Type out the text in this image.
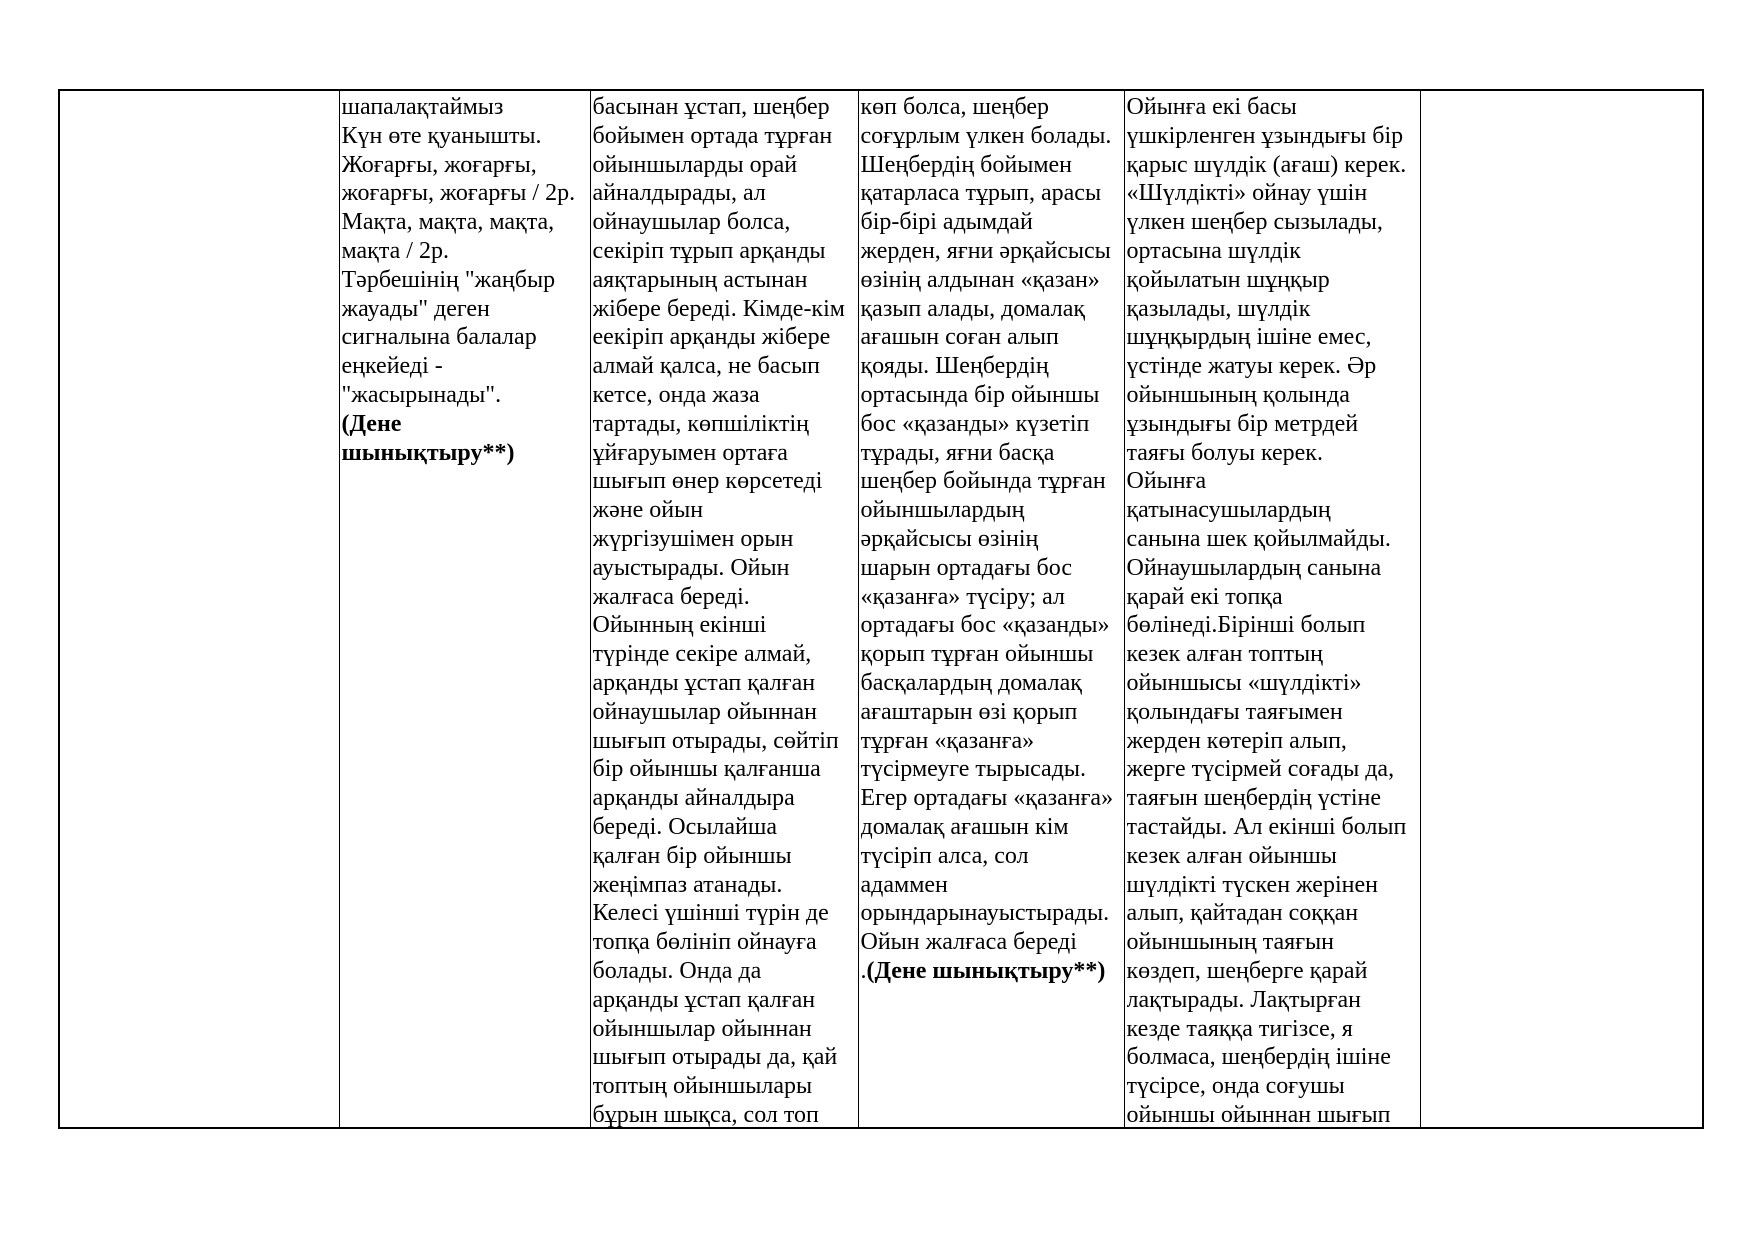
шапалақтаймыз
Күн өте қуанышты.
Жоғарғы, жоғарғы,
жоғарғы, жоғарғы / 2р.
Мақта, мақта, мақта,
мақта / 2р.
Тәрбешінің "жаңбыр
жауады" деген
сигналына балалар
еңкейеді -
"жасырынады".
(Дене
шынықтыру**)

басынан ұстап, шеңбер
бойымен ортада тұрған
ойыншыларды орай
айналдырады, ал
ойнаушылар болса,
секіріп тұрып арқанды
аяқтарының астынан
жібере береді. Кімде-кім
еекіріп арқанды жібере
алмай қалса, не басып
кетсе, онда жаза
тартады, көпшіліктің
ұйғаруымен ортаға
шығып өнер көрсетеді
және ойын
жүргізушімен орын
ауыстырады. Ойын
жалғаса береді.
Ойынның екінші
түрінде секіре алмай,
арқанды ұстап қалған
ойнаушылар ойыннан
шығып отырады, сөйтіп
бір ойыншы қалғанша
арқанды айналдыра
береді. Осылайша
қалған бір ойыншы
жеңімпаз атанады.
Келесі үшінші түрін де
топқа бөлініп ойнауға
болады. Онда да
арқанды ұстап қалған
ойыншылар ойыннан
шығып отырады да, қай
топтың ойыншылары
бұрын шықса, сол топ

көп болса, шеңбер
соғұрлым үлкен болады.
Шеңбердің бойымен
қатарласа тұрып, арасы
бір-бірі адымдай
жерден, яғни әрқайсысы
өзінің алдынан «қазан»
қазып алады, домалақ
ағашын соған алып
қояды. Шеңбердің
ортасында бір ойыншы
бос «қазанды» күзетіп
тұрады, яғни басқа
шеңбер бойында тұрған
ойыншылардың
әрқайсысы өзінің
шарын ортадағы бос
«қазанға» түсіру; ал
ортадағы бос «қазанды»
қорып тұрған ойыншы
басқалардың домалақ
ағаштарын өзі қорып
тұрған «қазанға»
түсірмеуге тырысады.
Егер ортадағы «қазанға»
домалақ ағашын кім
түсіріп алса, сол
адаммен
орындарынауыстырады.
Ойын жалғаса береді
.(Дене шынықтыру**)

Ойынға екі басы
үшкірленген ұзындығы бір
қарыс шүлдік (ағаш) керек.
«Шүлдікті» ойнау үшін
үлкен шеңбер сызылады,
ортасына шүлдік
қойылатын шұңқыр
қазылады, шүлдік
шұңқырдың ішіне емес,
үстінде жатуы керек. Әр
ойыншының қолында
ұзындығы бір метрдей
таяғы болуы керек.
Ойынға
қатынасушылардың
санына шек қойылмайды.
Ойнаушылардың санына
қарай екі топқа
бөлінеді.Бірінші болып
кезек алған топтың
ойыншысы «шүлдікті»
қолындағы таяғымен
жерден көтеріп алып,
жерге түсірмей соғады да,
таяғын шеңбердің үстіне
тастайды. Ал екінші болып
кезек алған ойыншы
шүлдікті түскен жерінен
алып, қайтадан соққан
ойыншының таяғын
көздеп, шеңберге қарай
лақтырады. Лақтырған
кезде таяққа тигізсе, я
болмаса, шеңбердің ішіне
түсірсе, онда соғушы
ойыншы ойыннан шығып
